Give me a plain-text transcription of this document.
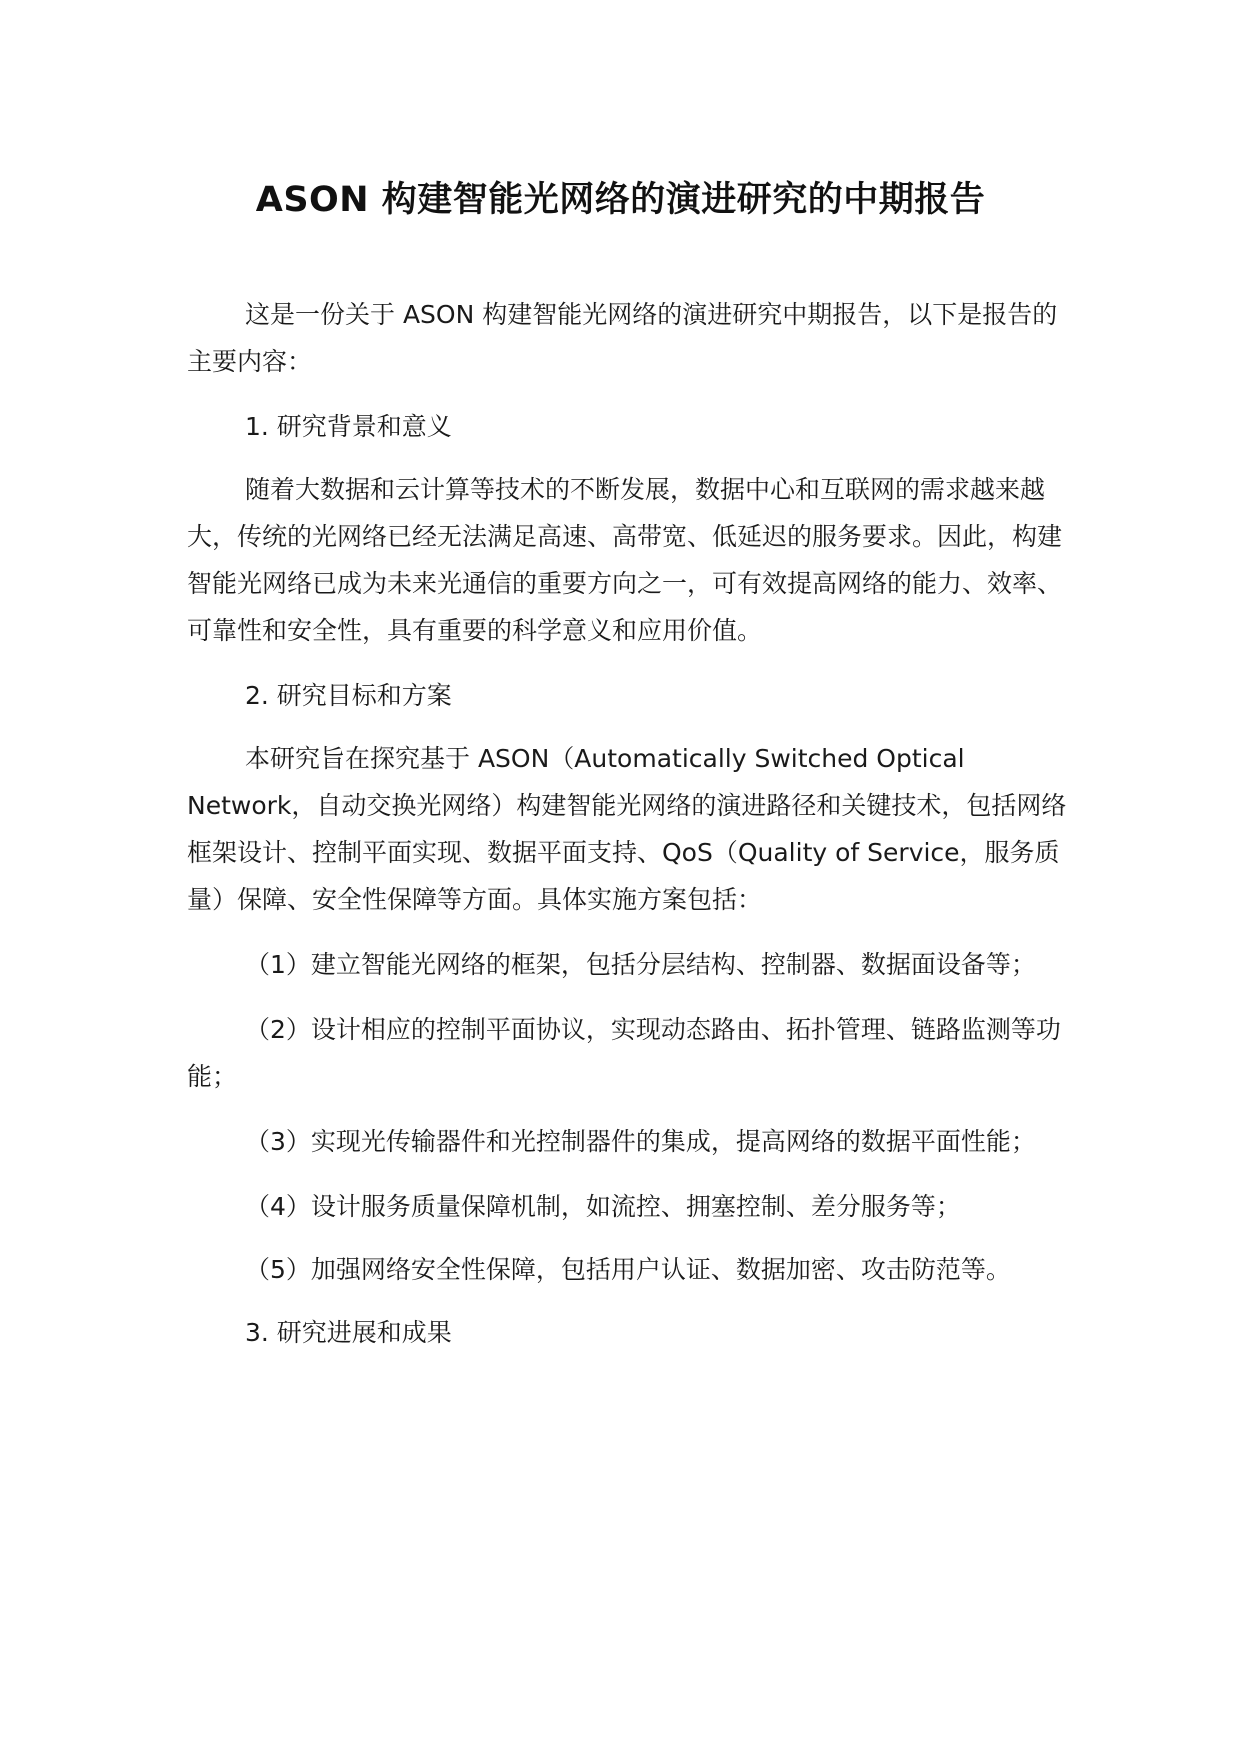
ASON 构建智能光网络的演进研究的中期报告

这是一份关于 ASON 构建智能光网络的演进研究中期报告，以下是报告的主要内容：

1. 研究背景和意义

随着大数据和云计算等技术的不断发展，数据中心和互联网的需求越来越大，传统的光网络已经无法满足高速、高带宽、低延迟的服务要求。因此，构建智能光网络已成为未来光通信的重要方向之一，可有效提高网络的能力、效率、可靠性和安全性，具有重要的科学意义和应用价值。

2. 研究目标和方案

本研究旨在探究基于 ASON（Automatically Switched Optical Network，自动交换光网络）构建智能光网络的演进路径和关键技术，包括网络框架设计、控制平面实现、数据平面支持、QoS（Quality of Service，服务质量）保障、安全性保障等方面。具体实施方案包括：

（1）建立智能光网络的框架，包括分层结构、控制器、数据面设备等；

（2）设计相应的控制平面协议，实现动态路由、拓扑管理、链路监测等功能；

（3）实现光传输器件和光控制器件的集成，提高网络的数据平面性能；

（4）设计服务质量保障机制，如流控、拥塞控制、差分服务等；

（5）加强网络安全性保障，包括用户认证、数据加密、攻击防范等。

3. 研究进展和成果
